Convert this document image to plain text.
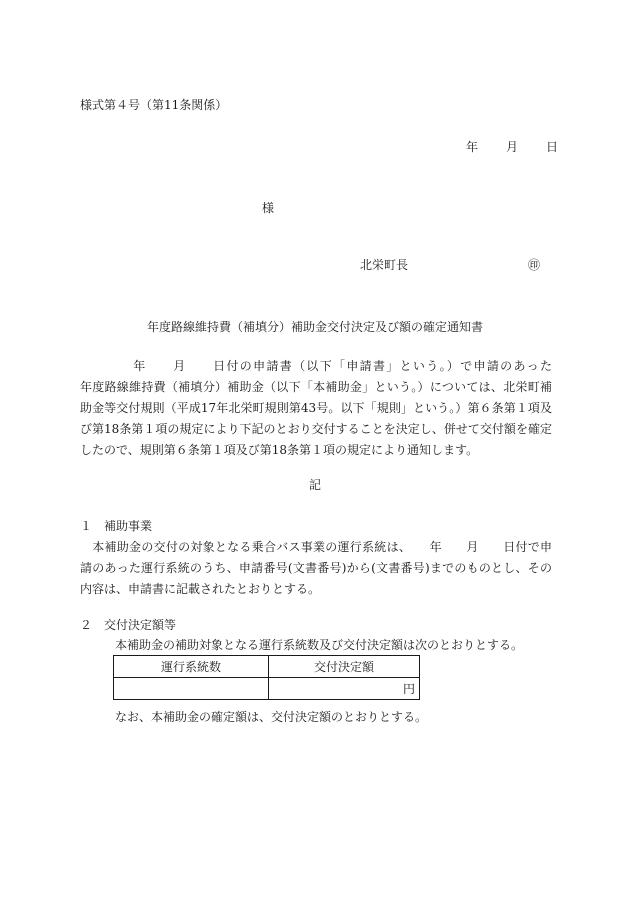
様式第４号（第11条関係）
年 月 日
様
北栄町長	㊞
年度路線維持費（補填分）補助金交付決定及び額の確定通知書
　　　　年　　月　　日付の申請書（以下「申請書」という。）で申請のあった　　　年度路線維持費（補填分）補助金（以下「本補助金」という。）については、北栄町補助金等交付規則（平成17年北栄町規則第43号。以下「規則」という。）第６条第１項及び第18条第１項の規定により下記のとおり交付することを決定し、併せて交付額を確定したので、規則第６条第１項及び第18条第１項の規定により通知します。
記
１　補助事業
　本補助金の交付の対象となる乗合バス事業の運行系統は、　　年　　月　　日付で申請のあった運行系統のうち、申請番号(文書番号)から(文書番号)までのものとし、その内容は、申請書に記載されたとおりとする。
２　交付決定額等
本補助金の補助対象となる運行系統数及び交付決定額は次のとおりとする。
運行系統数	交付決定額
	円
なお、本補助金の確定額は、交付決定額のとおりとする。
